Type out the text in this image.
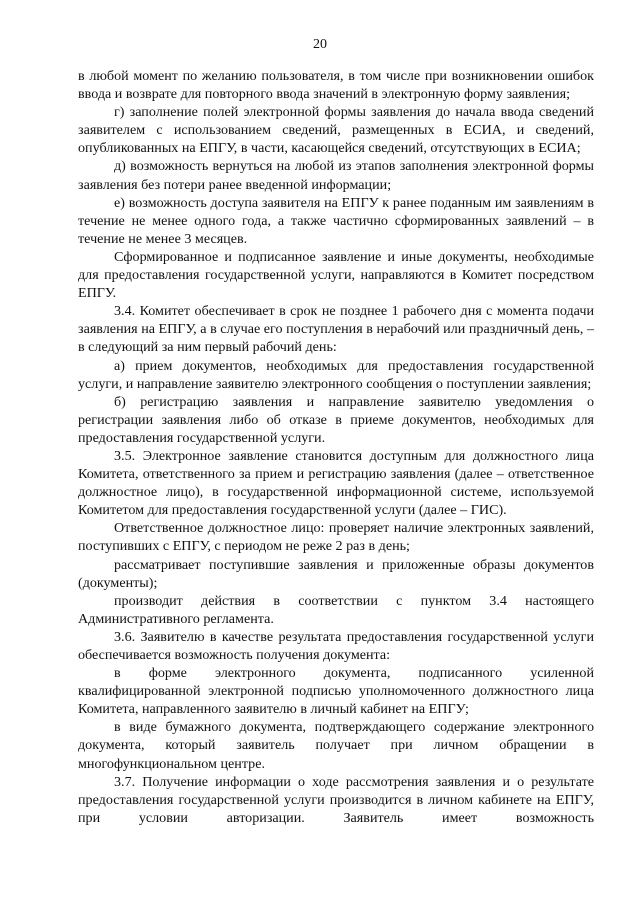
20

в любой момент по желанию пользователя, в том числе при возникновении ошибок ввода и возврате для повторного ввода значений в электронную форму заявления;

г) заполнение полей электронной формы заявления до начала ввода сведений заявителем с использованием сведений, размещенных в ЕСИА, и сведений, опубликованных на ЕПГУ, в части, касающейся сведений, отсутствующих в ЕСИА;

д) возможность вернуться на любой из этапов заполнения электронной формы заявления без потери ранее введенной информации;

е) возможность доступа заявителя на ЕПГУ к ранее поданным им заявлениям в течение не менее одного года, а также частично сформированных заявлений – в течение не менее 3 месяцев.

Сформированное и подписанное заявление и иные документы, необходимые для предоставления государственной услуги, направляются в Комитет посредством ЕПГУ.

3.4. Комитет обеспечивает в срок не позднее 1 рабочего дня с момента подачи заявления на ЕПГУ, а в случае его поступления в нерабочий или праздничный день, – в следующий за ним первый рабочий день:

а) прием документов, необходимых для предоставления государственной услуги, и направление заявителю электронного сообщения о поступлении заявления;

б) регистрацию заявления и направление заявителю уведомления о регистрации заявления либо об отказе в приеме документов, необходимых для предоставления государственной услуги.

3.5. Электронное заявление становится доступным для должностного лица Комитета, ответственного за прием и регистрацию заявления (далее – ответственное должностное лицо), в государственной информационной системе, используемой Комитетом для предоставления государственной услуги (далее – ГИС).

Ответственное должностное лицо: проверяет наличие электронных заявлений, поступивших с ЕПГУ, с периодом не реже 2 раз в день;

рассматривает поступившие заявления и приложенные образы документов (документы);

производит действия в соответствии с пунктом 3.4 настоящего Административного регламента.

3.6. Заявителю в качестве результата предоставления государственной услуги обеспечивается возможность получения документа:

в форме электронного документа, подписанного усиленной квалифицированной электронной подписью уполномоченного должностного лица Комитета, направленного заявителю в личный кабинет на ЕПГУ;

в виде бумажного документа, подтверждающего содержание электронного документа, который заявитель получает при личном обращении в многофункциональном центре.

3.7. Получение информации о ходе рассмотрения заявления и о результате предоставления государственной услуги производится в личном кабинете на ЕПГУ, при условии авторизации. Заявитель имеет возможность
